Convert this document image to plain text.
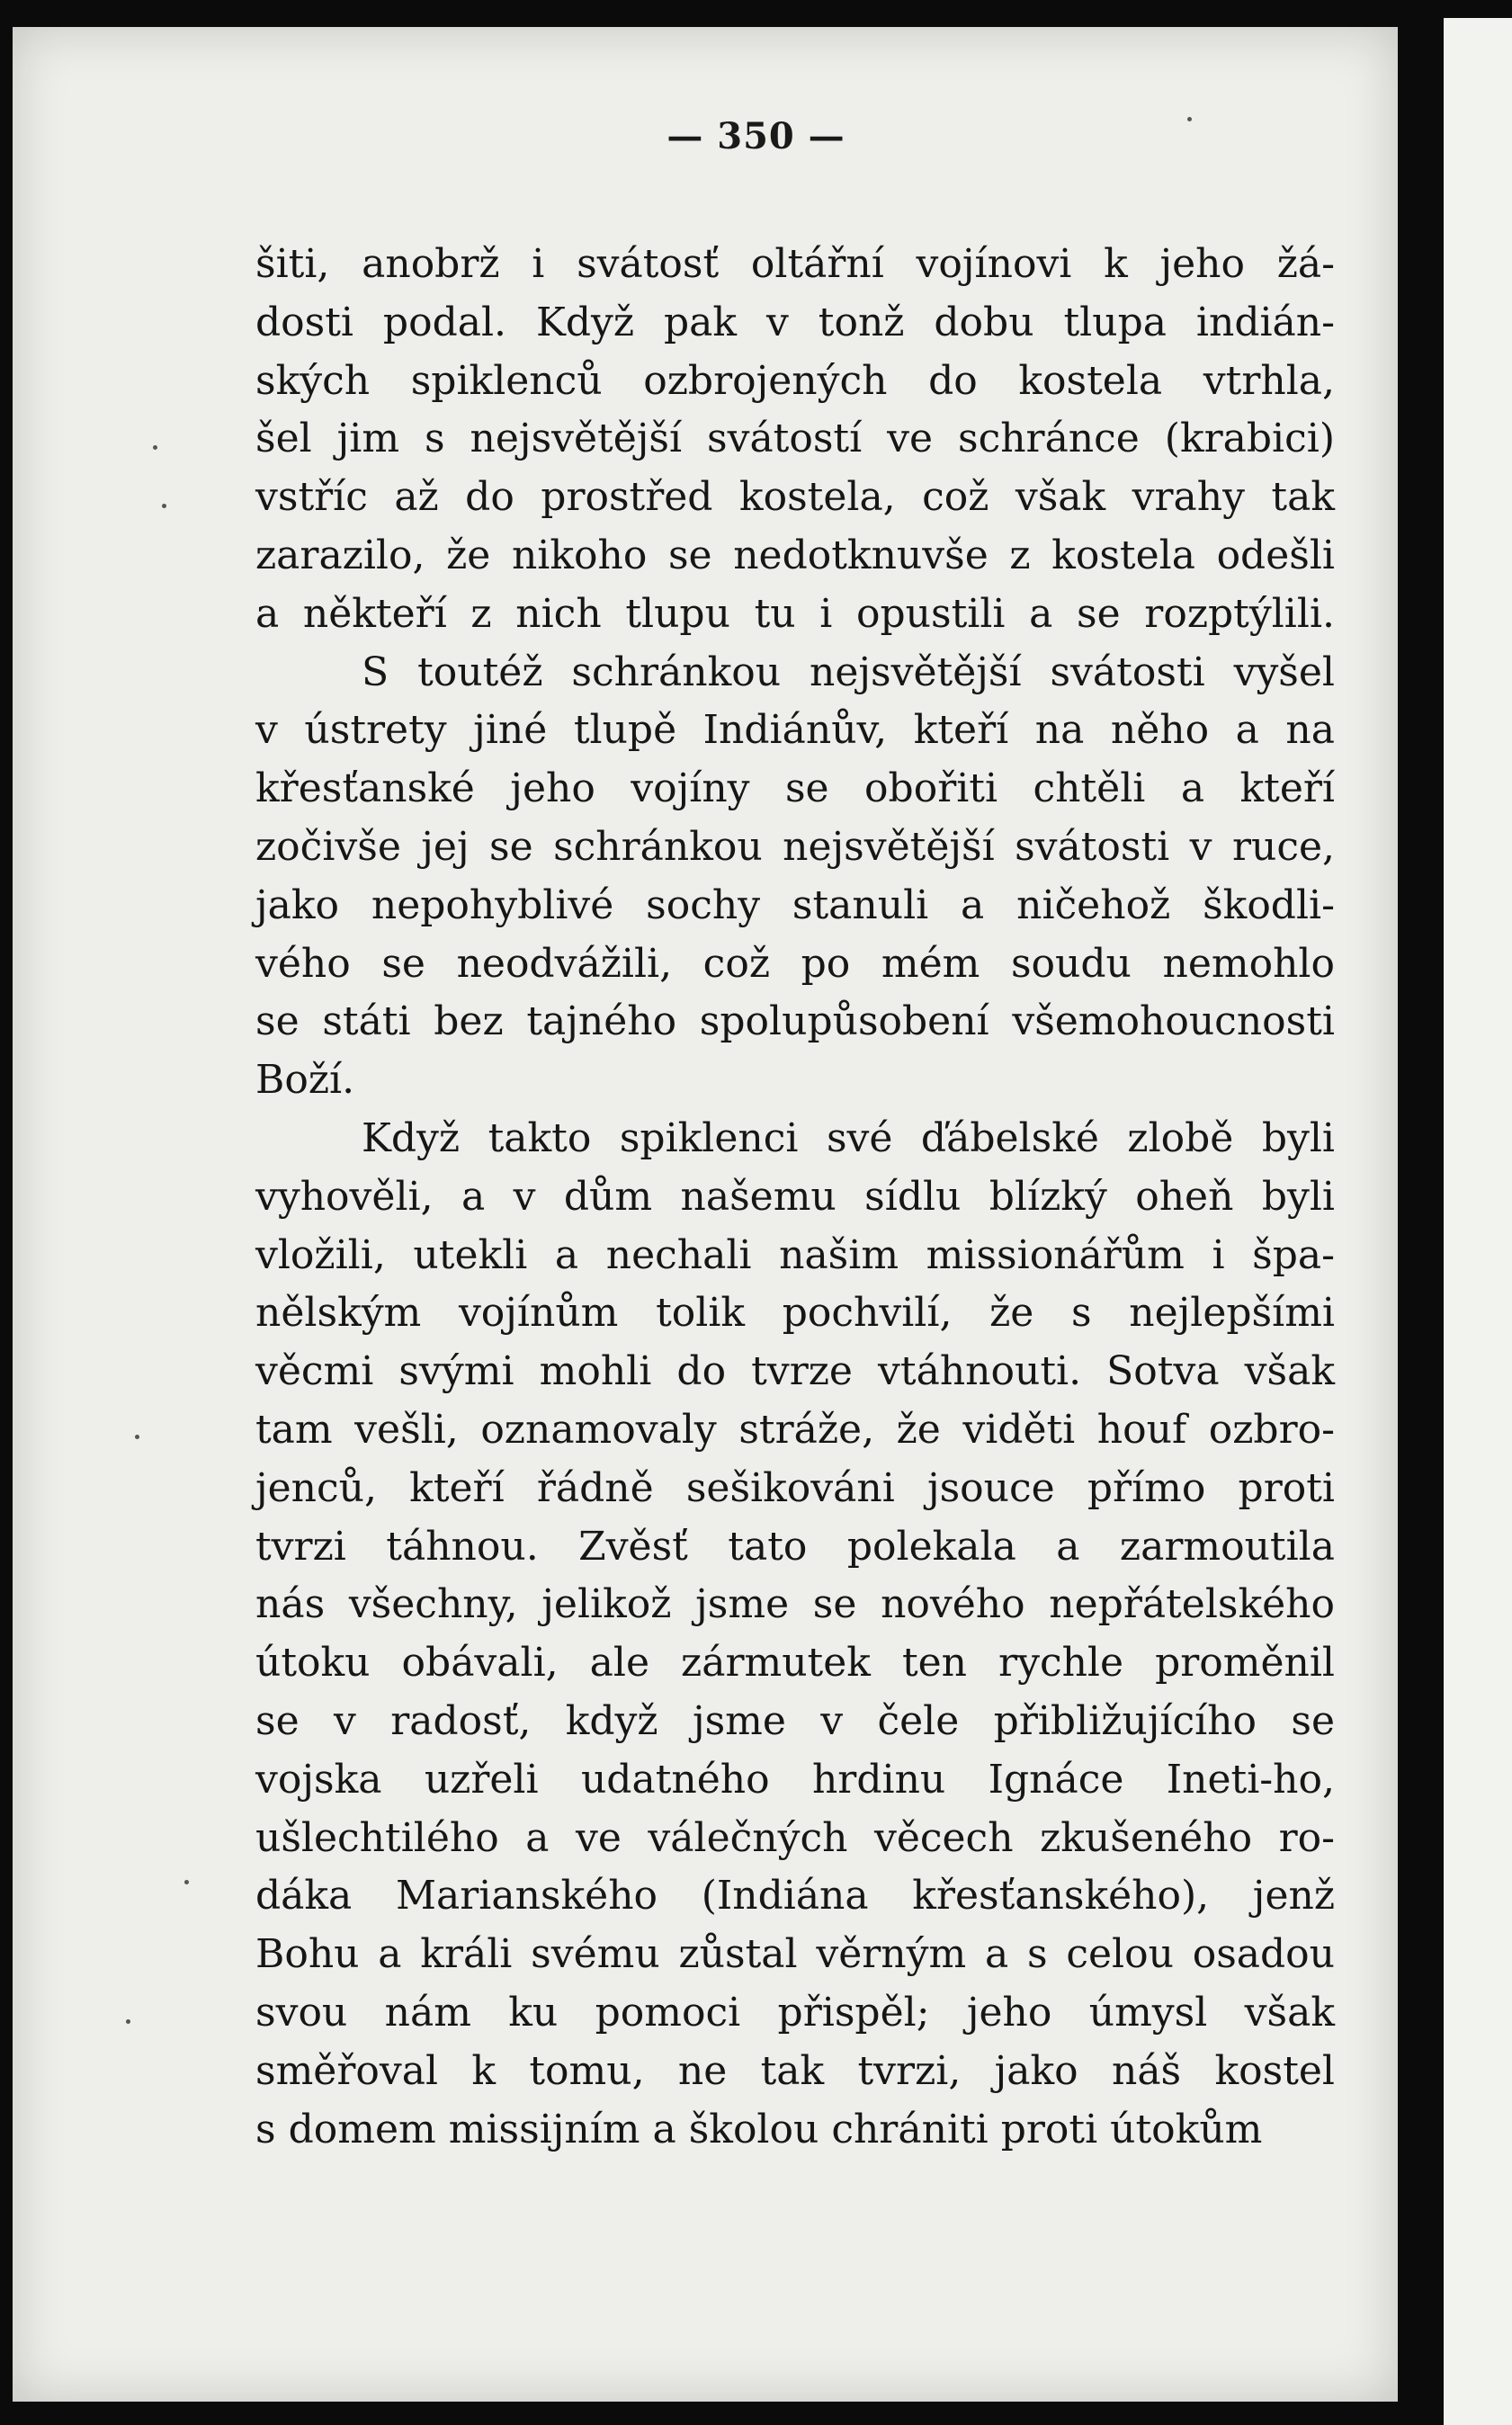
— 350 —
šiti, anobrž i svátosť oltářní vojínovi k jeho žá-
dosti podal. Když pak v tonž dobu tlupa indián-
ských spiklenců ozbrojených do kostela vtrhla,
šel jim s nejsvětější svátostí ve schránce (krabici)
vstříc až do prostřed kostela, což však vrahy tak
zarazilo, že nikoho se nedotknuvše z kostela odešli
a někteří z nich tlupu tu i opustili a se rozptýlili.
S toutéž schránkou nejsvětější svátosti vyšel
v ústrety jiné tlupě Indiánův, kteří na něho a na
křesťanské jeho vojíny se obořiti chtěli a kteří
zočivše jej se schránkou nejsvětější svátosti v ruce,
jako nepohyblivé sochy stanuli a ničehož škodli-
vého se neodvážili, což po mém soudu nemohlo
se státi bez tajného spolupůsobení všemohoucnosti
Boží.
Když takto spiklenci své ďábelské zlobě byli
vyhověli, a v dům našemu sídlu blízký oheň byli
vložili, utekli a nechali našim missionářům i špa-
nělským vojínům tolik pochvilí, že s nejlepšími
věcmi svými mohli do tvrze vtáhnouti. Sotva však
tam vešli, oznamovaly stráže, že viděti houf ozbro-
jenců, kteří řádně sešikováni jsouce přímo proti
tvrzi táhnou. Zvěsť tato polekala a zarmoutila
nás všechny, jelikož jsme se nového nepřátelského
útoku obávali, ale zármutek ten rychle proměnil
se v radosť, když jsme v čele přibližujícího se
vojska uzřeli udatného hrdinu Ignáce Ineti-ho,
ušlechtilého a ve válečných věcech zkušeného ro-
dáka Marianského (Indiána křesťanského), jenž
Bohu a králi svému zůstal věrným a s celou osadou
svou nám ku pomoci přispěl; jeho úmysl však
směřoval k tomu, ne tak tvrzi, jako náš kostel
s domem missijním a školou chrániti proti útokům
